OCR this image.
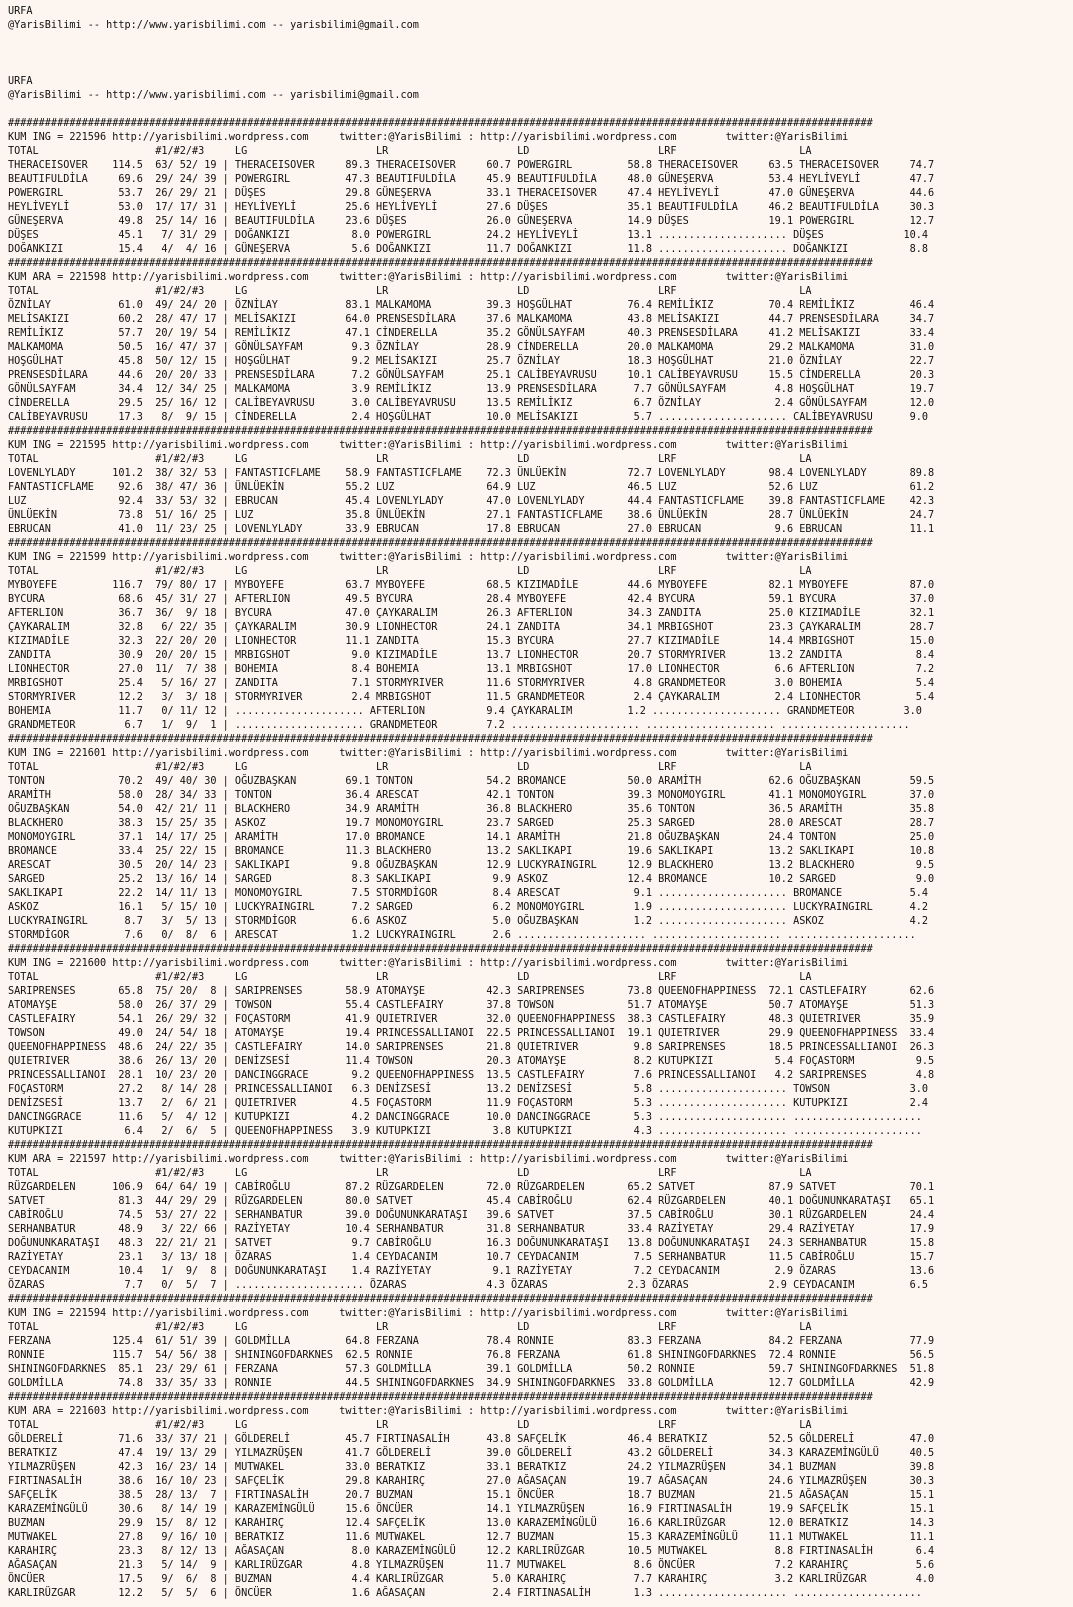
URFA
@YarisBilimi -- http://www.yarisbilimi.com -- yarisbilimi@gmail.com

URFA
@YarisBilimi -- http://www.yarisbilimi.com -- yarisbilimi@gmail.com

#############################################################################################################################################
KUM ING = 221596 http://yarisbilimi.wordpress.com     twitter:@YarisBilimi : http://yarisbilimi.wordpress.com        twitter:@YarisBilimi
TOTAL                   #1/#2/#3     LG                     LR                     LD                     LRF                    LA
THERACEISOVER    114.5  63/ 52/ 19 | THERACEISOVER     89.3 THERACEISOVER     60.7 POWERGIRL         58.8 THERACEISOVER     63.5 THERACEISOVER     74.7
BEAUTIFULDİLA     69.6  29/ 24/ 39 | POWERGIRL         47.3 BEAUTIFULDİLA     45.9 BEAUTIFULDİLA     48.0 GÜNEŞERVA         53.4 HEYLİVEYLİ        47.7
POWERGIRL         53.7  26/ 29/ 21 | DÜŞES             29.8 GÜNEŞERVA         33.1 THERACEISOVER     47.4 HEYLİVEYLİ        47.0 GÜNEŞERVA         44.6
HEYLİVEYLİ        53.0  17/ 17/ 31 | HEYLİVEYLİ        25.6 HEYLİVEYLİ        27.6 DÜŞES             35.1 BEAUTIFULDİLA     46.2 BEAUTIFULDİLA     30.3
GÜNEŞERVA         49.8  25/ 14/ 16 | BEAUTIFULDİLA     23.6 DÜŞES             26.0 GÜNEŞERVA         14.9 DÜŞES             19.1 POWERGIRL         12.7
DÜŞES             45.1   7/ 31/ 29 | DOĞANKIZI          8.0 POWERGIRL         24.2 HEYLİVEYLİ        13.1 ..................... DÜŞES             10.4
DOĞANKIZI         15.4   4/  4/ 16 | GÜNEŞERVA          5.6 DOĞANKIZI         11.7 DOĞANKIZI         11.8 ..................... DOĞANKIZI          8.8
#############################################################################################################################################
KUM ARA = 221598 http://yarisbilimi.wordpress.com     twitter:@YarisBilimi : http://yarisbilimi.wordpress.com        twitter:@YarisBilimi
TOTAL                   #1/#2/#3     LG                     LR                     LD                     LRF                    LA
ÖZNİLAY           61.0  49/ 24/ 20 | ÖZNİLAY           83.1 MALKAMOMA         39.3 HOŞGÜLHAT         76.4 REMİLİKIZ         70.4 REMİLİKIZ         46.4
MELİSAKIZI        60.2  28/ 47/ 17 | MELİSAKIZI        64.0 PRENSESDİLARA     37.6 MALKAMOMA         43.8 MELİSAKIZI        44.7 PRENSESDİLARA     34.7
REMİLİKIZ         57.7  20/ 19/ 54 | REMİLİKIZ         47.1 CİNDERELLA        35.2 GÖNÜLSAYFAM       40.3 PRENSESDİLARA     41.2 MELİSAKIZI        33.4
MALKAMOMA         50.5  16/ 47/ 37 | GÖNÜLSAYFAM        9.3 ÖZNİLAY           28.9 CİNDERELLA        20.0 MALKAMOMA         29.2 MALKAMOMA         31.0
HOŞGÜLHAT         45.8  50/ 12/ 15 | HOŞGÜLHAT          9.2 MELİSAKIZI        25.7 ÖZNİLAY           18.3 HOŞGÜLHAT         21.0 ÖZNİLAY           22.7
PRENSESDİLARA     44.6  20/ 20/ 33 | PRENSESDİLARA      7.2 GÖNÜLSAYFAM       25.1 CALİBEYAVRUSU     10.1 CALİBEYAVRUSU     15.5 CİNDERELLA        20.3
GÖNÜLSAYFAM       34.4  12/ 34/ 25 | MALKAMOMA          3.9 REMİLİKIZ         13.9 PRENSESDİLARA      7.7 GÖNÜLSAYFAM        4.8 HOŞGÜLHAT         19.7
CİNDERELLA        29.5  25/ 16/ 12 | CALİBEYAVRUSU      3.0 CALİBEYAVRUSU     13.5 REMİLİKIZ          6.7 ÖZNİLAY            2.4 GÖNÜLSAYFAM       12.0
CALİBEYAVRUSU     17.3   8/  9/ 15 | CİNDERELLA         2.4 HOŞGÜLHAT         10.0 MELİSAKIZI         5.7 ..................... CALİBEYAVRUSU      9.0
#############################################################################################################################################
KUM ING = 221595 http://yarisbilimi.wordpress.com     twitter:@YarisBilimi : http://yarisbilimi.wordpress.com        twitter:@YarisBilimi
TOTAL                   #1/#2/#3     LG                     LR                     LD                     LRF                    LA
LOVENLYLADY      101.2  38/ 32/ 53 | FANTASTICFLAME    58.9 FANTASTICFLAME    72.3 ÜNLÜEKİN          72.7 LOVENLYLADY       98.4 LOVENLYLADY       89.8
FANTASTICFLAME    92.6  38/ 47/ 36 | ÜNLÜEKİN          55.2 LUZ               64.9 LUZ               46.5 LUZ               52.6 LUZ               61.2
LUZ               92.4  33/ 53/ 32 | EBRUCAN           45.4 LOVENLYLADY       47.0 LOVENLYLADY       44.4 FANTASTICFLAME    39.8 FANTASTICFLAME    42.3
ÜNLÜEKİN          73.8  51/ 16/ 25 | LUZ               35.8 ÜNLÜEKİN          27.1 FANTASTICFLAME    38.6 ÜNLÜEKİN          28.7 ÜNLÜEKİN          24.7
EBRUCAN           41.0  11/ 23/ 25 | LOVENLYLADY       33.9 EBRUCAN           17.8 EBRUCAN           27.0 EBRUCAN            9.6 EBRUCAN           11.1
#############################################################################################################################################
KUM ING = 221599 http://yarisbilimi.wordpress.com     twitter:@YarisBilimi : http://yarisbilimi.wordpress.com        twitter:@YarisBilimi
TOTAL                   #1/#2/#3     LG                     LR                     LD                     LRF                    LA
MYBOYEFE         116.7  79/ 80/ 17 | MYBOYEFE          63.7 MYBOYEFE          68.5 KIZIMADİLE        44.6 MYBOYEFE          82.1 MYBOYEFE          87.0
BYCURA            68.6  45/ 31/ 27 | AFTERLION         49.5 BYCURA            28.4 MYBOYEFE          42.4 BYCURA            59.1 BYCURA            37.0
AFTERLION         36.7  36/  9/ 18 | BYCURA            47.0 ÇAYKARALIM        26.3 AFTERLION         34.3 ZANDITA           25.0 KIZIMADİLE        32.1
ÇAYKARALIM        32.8   6/ 22/ 35 | ÇAYKARALIM        30.9 LIONHECTOR        24.1 ZANDITA           34.1 MRBIGSHOT         23.3 ÇAYKARALIM        28.7
KIZIMADİLE        32.3  22/ 20/ 20 | LIONHECTOR        11.1 ZANDITA           15.3 BYCURA            27.7 KIZIMADİLE        14.4 MRBIGSHOT         15.0
ZANDITA           30.9  20/ 20/ 15 | MRBIGSHOT          9.0 KIZIMADİLE        13.7 LIONHECTOR        20.7 STORMYRIVER       13.2 ZANDITA            8.4
LIONHECTOR        27.0  11/  7/ 38 | BOHEMIA            8.4 BOHEMIA           13.1 MRBIGSHOT         17.0 LIONHECTOR         6.6 AFTERLION          7.2
MRBIGSHOT         25.4   5/ 16/ 27 | ZANDITA            7.1 STORMYRIVER       11.6 STORMYRIVER        4.8 GRANDMETEOR        3.0 BOHEMIA            5.4
STORMYRIVER       12.2   3/  3/ 18 | STORMYRIVER        2.4 MRBIGSHOT         11.5 GRANDMETEOR        2.4 ÇAYKARALIM         2.4 LIONHECTOR         5.4
BOHEMIA           11.7   0/ 11/ 12 | ..................... AFTERLION          9.4 ÇAYKARALIM         1.2 ..................... GRANDMETEOR        3.0
GRANDMETEOR        6.7   1/  9/  1 | ..................... GRANDMETEOR        7.2 ..................... ..................... .....................
#############################################################################################################################################
KUM ING = 221601 http://yarisbilimi.wordpress.com     twitter:@YarisBilimi : http://yarisbilimi.wordpress.com        twitter:@YarisBilimi
TOTAL                   #1/#2/#3     LG                     LR                     LD                     LRF                    LA
TONTON            70.2  49/ 40/ 30 | OĞUZBAŞKAN        69.1 TONTON            54.2 BROMANCE          50.0 ARAMİTH           62.6 OĞUZBAŞKAN        59.5
ARAMİTH           58.0  28/ 34/ 33 | TONTON            36.4 ARESCAT           42.1 TONTON            39.3 MONOMOYGIRL       41.1 MONOMOYGIRL       37.0
OĞUZBAŞKAN        54.0  42/ 21/ 11 | BLACKHERO         34.9 ARAMİTH           36.8 BLACKHERO         35.6 TONTON            36.5 ARAMİTH           35.8
BLACKHERO         38.3  15/ 25/ 35 | ASKOZ             19.7 MONOMOYGIRL       23.7 SARGED            25.3 SARGED            28.0 ARESCAT           28.7
MONOMOYGIRL       37.1  14/ 17/ 25 | ARAMİTH           17.0 BROMANCE          14.1 ARAMİTH           21.8 OĞUZBAŞKAN        24.4 TONTON            25.0
BROMANCE          33.4  25/ 22/ 15 | BROMANCE          11.3 BLACKHERO         13.2 SAKLIKAPI         19.6 SAKLIKAPI         13.2 SAKLIKAPI         10.8
ARESCAT           30.5  20/ 14/ 23 | SAKLIKAPI          9.8 OĞUZBAŞKAN        12.9 LUCKYRAINGIRL     12.9 BLACKHERO         13.2 BLACKHERO          9.5
SARGED            25.2  13/ 16/ 14 | SARGED             8.3 SAKLIKAPI          9.9 ASKOZ             12.4 BROMANCE          10.2 SARGED             9.0
SAKLIKAPI         22.2  14/ 11/ 13 | MONOMOYGIRL        7.5 STORMDİGOR         8.4 ARESCAT            9.1 ..................... BROMANCE           5.4
ASKOZ             16.1   5/ 15/ 10 | LUCKYRAINGIRL      7.2 SARGED             6.2 MONOMOYGIRL        1.9 ..................... LUCKYRAINGIRL      4.2
LUCKYRAINGIRL      8.7   3/  5/ 13 | STORMDİGOR         6.6 ASKOZ              5.0 OĞUZBAŞKAN         1.2 ..................... ASKOZ              4.2
STORMDİGOR         7.6   0/  8/  6 | ARESCAT            1.2 LUCKYRAINGIRL      2.6 ..................... ..................... .....................
#############################################################################################################################################
KUM ING = 221600 http://yarisbilimi.wordpress.com     twitter:@YarisBilimi : http://yarisbilimi.wordpress.com        twitter:@YarisBilimi
TOTAL                   #1/#2/#3     LG                     LR                     LD                     LRF                    LA
SARIPRENSES       65.8  75/ 20/  8 | SARIPRENSES       58.9 ATOMAYŞE          42.3 SARIPRENSES       73.8 QUEENOFHAPPINESS  72.1 CASTLEFAIRY       62.6
ATOMAYŞE          58.0  26/ 37/ 29 | TOWSON            55.4 CASTLEFAIRY       37.8 TOWSON            51.7 ATOMAYŞE          50.7 ATOMAYŞE          51.3
CASTLEFAIRY       54.1  26/ 29/ 32 | FOÇASTORM         41.9 QUIETRIVER        32.0 QUEENOFHAPPINESS  38.3 CASTLEFAIRY       48.3 QUIETRIVER        35.9
TOWSON            49.0  24/ 54/ 18 | ATOMAYŞE          19.4 PRINCESSALLIANOI  22.5 PRINCESSALLIANOI  19.1 QUIETRIVER        29.9 QUEENOFHAPPINESS  33.4
QUEENOFHAPPINESS  48.6  24/ 22/ 35 | CASTLEFAIRY       14.0 SARIPRENSES       21.8 QUIETRIVER         9.8 SARIPRENSES       18.5 PRINCESSALLIANOI  26.3
QUIETRIVER        38.6  26/ 13/ 20 | DENİZSESİ         11.4 TOWSON            20.3 ATOMAYŞE           8.2 KUTUPKIZI          5.4 FOÇASTORM          9.5
PRINCESSALLIANOI  28.1  10/ 23/ 20 | DANCINGGRACE       9.2 QUEENOFHAPPINESS  13.5 CASTLEFAIRY        7.6 PRINCESSALLIANOI   4.2 SARIPRENSES        4.8
FOÇASTORM         27.2   8/ 14/ 28 | PRINCESSALLIANOI   6.3 DENİZSESİ         13.2 DENİZSESİ          5.8 ..................... TOWSON             3.0
DENİZSESİ         13.7   2/  6/ 21 | QUIETRIVER         4.5 FOÇASTORM         11.9 FOÇASTORM          5.3 ..................... KUTUPKIZI          2.4
DANCINGGRACE      11.6   5/  4/ 12 | KUTUPKIZI          4.2 DANCINGGRACE      10.0 DANCINGGRACE       5.3 ..................... .....................
KUTUPKIZI          6.4   2/  6/  5 | QUEENOFHAPPINESS   3.9 KUTUPKIZI          3.8 KUTUPKIZI          4.3 ..................... .....................
#############################################################################################################################################
KUM ARA = 221597 http://yarisbilimi.wordpress.com     twitter:@YarisBilimi : http://yarisbilimi.wordpress.com        twitter:@YarisBilimi
TOTAL                   #1/#2/#3     LG                     LR                     LD                     LRF                    LA
RÜZGARDELEN      106.9  64/ 64/ 19 | CABİROĞLU         87.2 RÜZGARDELEN       72.0 RÜZGARDELEN       65.2 SATVET            87.9 SATVET            70.1
SATVET            81.3  44/ 29/ 29 | RÜZGARDELEN       80.0 SATVET            45.4 CABİROĞLU         62.4 RÜZGARDELEN       40.1 DOĞUNUNKARATAŞI   65.1
CABİROĞLU         74.5  53/ 27/ 22 | SERHANBATUR       39.0 DOĞUNUNKARATAŞI   39.6 SATVET            37.5 CABİROĞLU         30.1 RÜZGARDELEN       24.4
SERHANBATUR       48.9   3/ 22/ 66 | RAZİYETAY         10.4 SERHANBATUR       31.8 SERHANBATUR       33.4 RAZİYETAY         29.4 RAZİYETAY         17.9
DOĞUNUNKARATAŞI   48.3  22/ 21/ 21 | SATVET             9.7 CABİROĞLU         16.3 DOĞUNUNKARATAŞI   13.8 DOĞUNUNKARATAŞI   24.3 SERHANBATUR       15.8
RAZİYETAY         23.1   3/ 13/ 18 | ÖZARAS             1.4 CEYDACANIM        10.7 CEYDACANIM         7.5 SERHANBATUR       11.5 CABİROĞLU         15.7
CEYDACANIM        10.4   1/  9/  8 | DOĞUNUNKARATAŞI    1.4 RAZİYETAY          9.1 RAZİYETAY          7.2 CEYDACANIM         2.9 ÖZARAS            13.6
ÖZARAS             7.7   0/  5/  7 | ..................... ÖZARAS             4.3 ÖZARAS             2.3 ÖZARAS             2.9 CEYDACANIM         6.5
#############################################################################################################################################
KUM ING = 221594 http://yarisbilimi.wordpress.com     twitter:@YarisBilimi : http://yarisbilimi.wordpress.com        twitter:@YarisBilimi
TOTAL                   #1/#2/#3     LG                     LR                     LD                     LRF                    LA
FERZANA          125.4  61/ 51/ 39 | GOLDMİLLA         64.8 FERZANA           78.4 RONNIE            83.3 FERZANA           84.2 FERZANA           77.9
RONNIE           115.7  54/ 56/ 38 | SHININGOFDARKNES  62.5 RONNIE            76.8 FERZANA           61.8 SHININGOFDARKNES  72.4 RONNIE            56.5
SHININGOFDARKNES  85.1  23/ 29/ 61 | FERZANA           57.3 GOLDMİLLA         39.1 GOLDMİLLA         50.2 RONNIE            59.7 SHININGOFDARKNES  51.8
GOLDMİLLA         74.8  33/ 35/ 33 | RONNIE            44.5 SHININGOFDARKNES  34.9 SHININGOFDARKNES  33.8 GOLDMİLLA         12.7 GOLDMİLLA         42.9
#############################################################################################################################################
KUM ARA = 221603 http://yarisbilimi.wordpress.com     twitter:@YarisBilimi : http://yarisbilimi.wordpress.com        twitter:@YarisBilimi
TOTAL                   #1/#2/#3     LG                     LR                     LD                     LRF                    LA
GÖLDERELİ         71.6  33/ 37/ 21 | GÖLDERELİ         45.7 FIRTINASALİH      43.8 SAFÇELİK          46.4 BERATKIZ          52.5 GÖLDERELİ         47.0
BERATKIZ          47.4  19/ 13/ 29 | YILMAZRÜŞEN       41.7 GÖLDERELİ         39.0 GÖLDERELİ         43.2 GÖLDERELİ         34.3 KARAZEMİNGÜLÜ     40.5
YILMAZRÜŞEN       42.3  16/ 23/ 14 | MUTWAKEL          33.0 BERATKIZ          33.1 BERATKIZ          24.2 YILMAZRÜŞEN       34.1 BUZMAN            39.8
FIRTINASALİH      38.6  16/ 10/ 23 | SAFÇELİK          29.8 KARAHIRÇ          27.0 AĞASAÇAN          19.7 AĞASAÇAN          24.6 YILMAZRÜŞEN       30.3
SAFÇELİK          38.5  28/ 13/  7 | FIRTINASALİH      20.7 BUZMAN            15.1 ÖNCÜER            18.7 BUZMAN            21.5 AĞASAÇAN          15.1
KARAZEMİNGÜLÜ     30.6   8/ 14/ 19 | KARAZEMİNGÜLÜ     15.6 ÖNCÜER            14.1 YILMAZRÜŞEN       16.9 FIRTINASALİH      19.9 SAFÇELİK          15.1
BUZMAN            29.9  15/  8/ 12 | KARAHIRÇ          12.4 SAFÇELİK          13.0 KARAZEMİNGÜLÜ     16.6 KARLIRÜZGAR       12.0 BERATKIZ          14.3
MUTWAKEL          27.8   9/ 16/ 10 | BERATKIZ          11.6 MUTWAKEL          12.7 BUZMAN            15.3 KARAZEMİNGÜLÜ     11.1 MUTWAKEL          11.1
KARAHIRÇ          23.3   8/ 12/ 13 | AĞASAÇAN           8.0 KARAZEMİNGÜLÜ     12.2 KARLIRÜZGAR       10.5 MUTWAKEL           8.8 FIRTINASALİH       6.4
AĞASAÇAN          21.3   5/ 14/  9 | KARLIRÜZGAR        4.8 YILMAZRÜŞEN       11.7 MUTWAKEL           8.6 ÖNCÜER             7.2 KARAHIRÇ           5.6
ÖNCÜER            17.5   9/  6/  8 | BUZMAN             4.4 KARLIRÜZGAR        5.0 KARAHIRÇ           7.7 KARAHIRÇ           3.2 KARLIRÜZGAR        4.0
KARLIRÜZGAR       12.2   5/  5/  6 | ÖNCÜER             1.6 AĞASAÇAN           2.4 FIRTINASALİH       1.3 ..................... .....................
